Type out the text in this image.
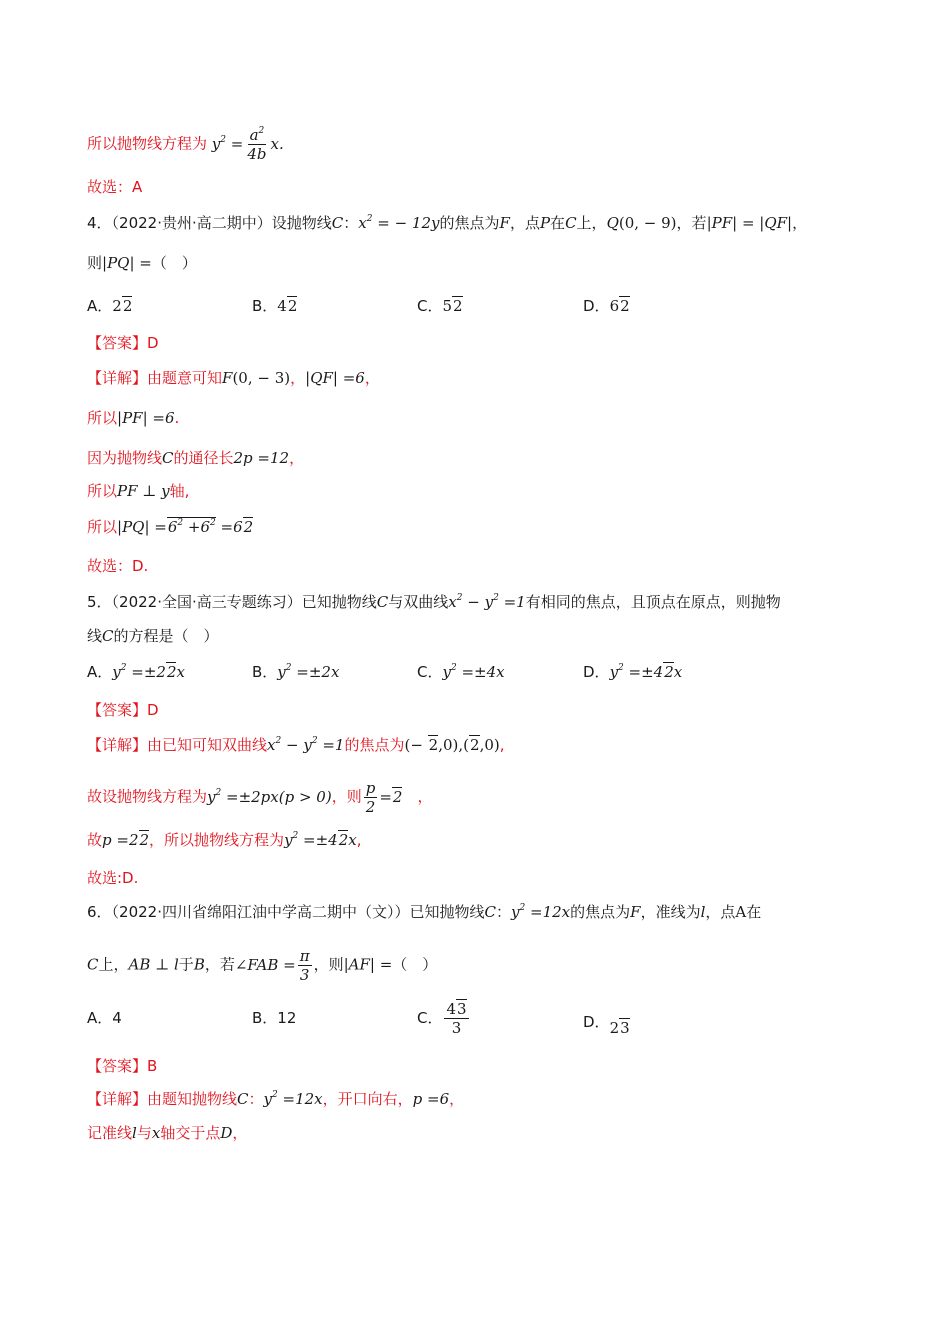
所以抛物线方程为 $y^2 = \frac{a^2}{4b} x$.
故选：A
4．（2022·贵州·高二期中）设抛物线C：$x^2$ = − 12y的焦点为F，点P在C上，Q(0, − 9)，若|PF| = |QF|，
则|PQ| =（　）
A．22	B．42	C．52	D．62
【答案】D
【详解】由题意可知F(0, − 3)，|QF| =6，
所以|PF| =6.
因为抛物线C的通径长2p =12，
所以PF ⊥ y轴,
所以$|PQ| =6^2 +6^2 =62$
故选：D.
5．（2022·全国·高三专题练习）已知抛物线C与双曲线$x^2 - y^2 =1$有相同的焦点，且顶点在原点，则抛物
线C的方程是（　）
A．$y^2 =\pm 22x$	B．$y^2 =\pm 2x$	C．$y^2 =\pm 4x$	D．$y^2 =\pm 42x$
【答案】D
【详解】由已知可知双曲线$x^2 - y^2 =1$的焦点为(− 2,0),(2,0),
故设抛物线方程为$y^2 =\pm 2px(p > 0)$，则 $\frac{p}{2} =2$　，
故p =22，所以抛物线方程为$y^2 =\pm 42x$,
故选:D.
6．（2022·四川省绵阳江油中学高二期中（文））已知抛物线C：$y^2 =12x$的焦点为F，准线为l，点A在
C上，AB ⊥ l于B，若∠FAB = $\frac{\pi}{3}$ ，则|AF| =（　）
A．4	B．12	C． $\frac{43}{3}$	D．23
【答案】B
【详解】由题知抛物线C：$y^2 =12x$，开口向右，p =6，
记准线l与x轴交于点D，
